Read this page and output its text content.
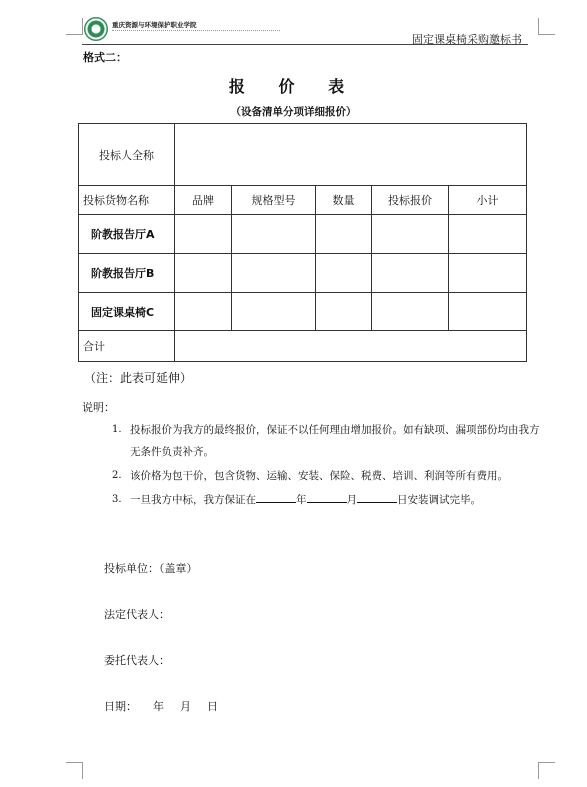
重庆资源与环境保护职业学院
固定课桌椅采购邀标书
格式二：
报 价 表
（设备清单分项详细报价）
投标人全称					
投标货物名称	品牌	规格型号	数量	投标报价	小计
阶教报告厅A					
阶教报告厅B					
固定课桌椅C					
合计					
（注：此表可延伸）
说明：
1. 投标报价为我方的最终报价，保证不以任何理由增加报价。如有缺项、漏项部份均由我方无条件负责补齐。
2. 该价格为包干价，包含货物、运输、安装、保险、税费、培训、利润等所有费用。
3. 一旦我方中标，我方保证在	年	月	日安装调试完毕。
投标单位：（盖章）
法定代表人：
委托代表人：
日期： 年 月 日
